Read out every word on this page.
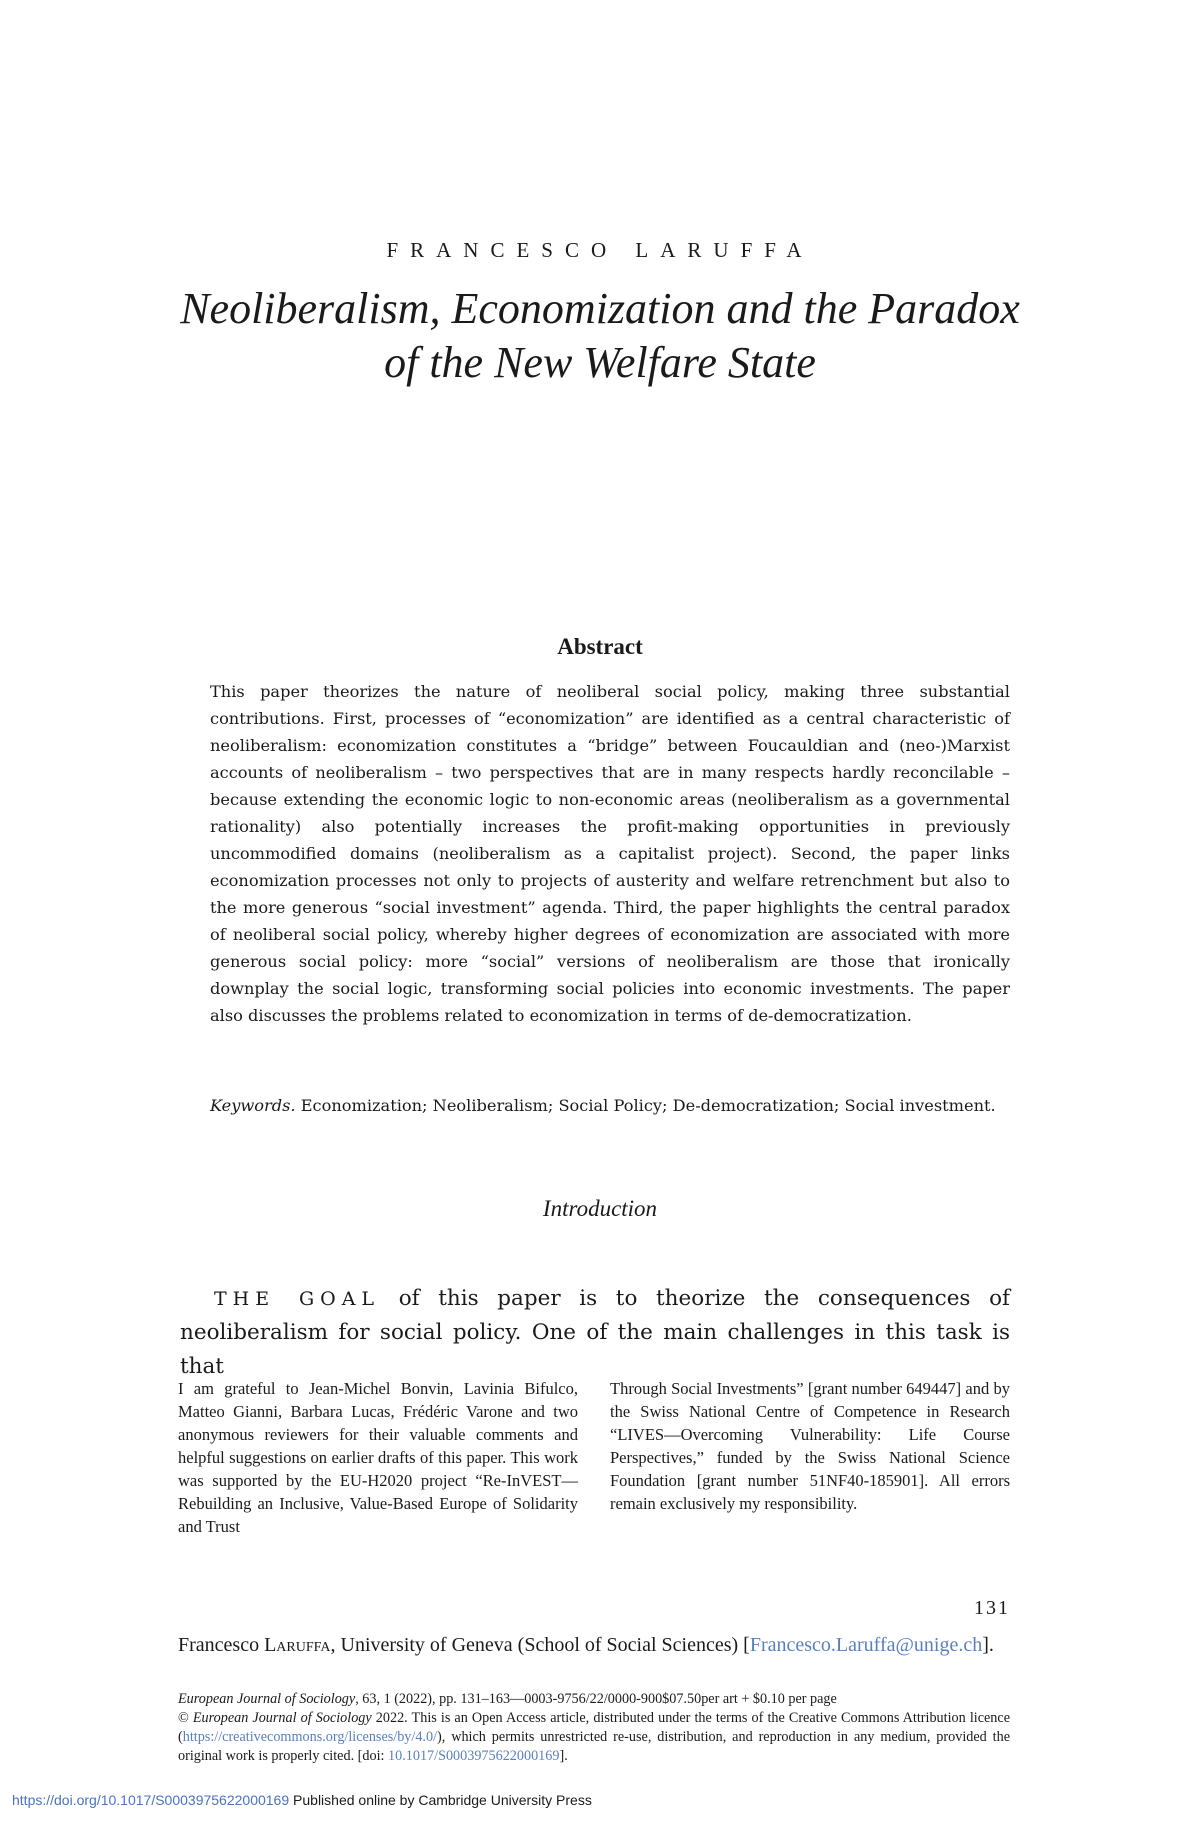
FRANCESCO LARUFFA
Neoliberalism, Economization and the Paradox
of the New Welfare State
Abstract
This paper theorizes the nature of neoliberal social policy, making three substantial contributions. First, processes of “economization” are identified as a central characteristic of neoliberalism: economization constitutes a “bridge” between Foucauldian and (neo-)Marxist accounts of neoliberalism – two perspectives that are in many respects hardly reconcilable – because extending the economic logic to non-economic areas (neoliberalism as a governmental rationality) also potentially increases the profit-making opportunities in previously uncommodified domains (neoliberalism as a capitalist project). Second, the paper links economization processes not only to projects of austerity and welfare retrenchment but also to the more generous “social investment” agenda. Third, the paper highlights the central paradox of neoliberal social policy, whereby higher degrees of economization are associated with more generous social policy: more “social” versions of neoliberalism are those that ironically downplay the social logic, transforming social policies into economic investments. The paper also discusses the problems related to economization in terms of de-democratization.
Keywords. Economization; Neoliberalism; Social Policy; De-democratization; Social investment.
Introduction
THE GOAL of this paper is to theorize the consequences of neoliberalism for social policy. One of the main challenges in this task is that
I am grateful to Jean-Michel Bonvin, Lavinia Bifulco, Matteo Gianni, Barbara Lucas, Frédéric Varone and two anonymous reviewers for their valuable comments and helpful suggestions on earlier drafts of this paper. This work was supported by the EU-H2020 project “Re-InVEST—Rebuilding an Inclusive, Value-Based Europe of Solidarity and Trust
Through Social Investments” [grant number 649447] and by the Swiss National Centre of Competence in Research “LIVES—Overcoming Vulnerability: Life Course Perspectives,” funded by the Swiss National Science Foundation [grant number 51NF40-185901]. All errors remain exclusively my responsibility.
131
Francesco Laruffa, University of Geneva (School of Social Sciences) [Francesco.Laruffa@unige.ch].
European Journal of Sociology, 63, 1 (2022), pp. 131–163—0003-9756/22/0000-900$07.50per art + $0.10 per page
© European Journal of Sociology 2022. This is an Open Access article, distributed under the terms of the Creative Commons Attribution licence (https://creativecommons.org/licenses/by/4.0/), which permits unrestricted re-use, distribution, and reproduction in any medium, provided the original work is properly cited. [doi: 10.1017/S0003975622000169].
https://doi.org/10.1017/S0003975622000169 Published online by Cambridge University Press
